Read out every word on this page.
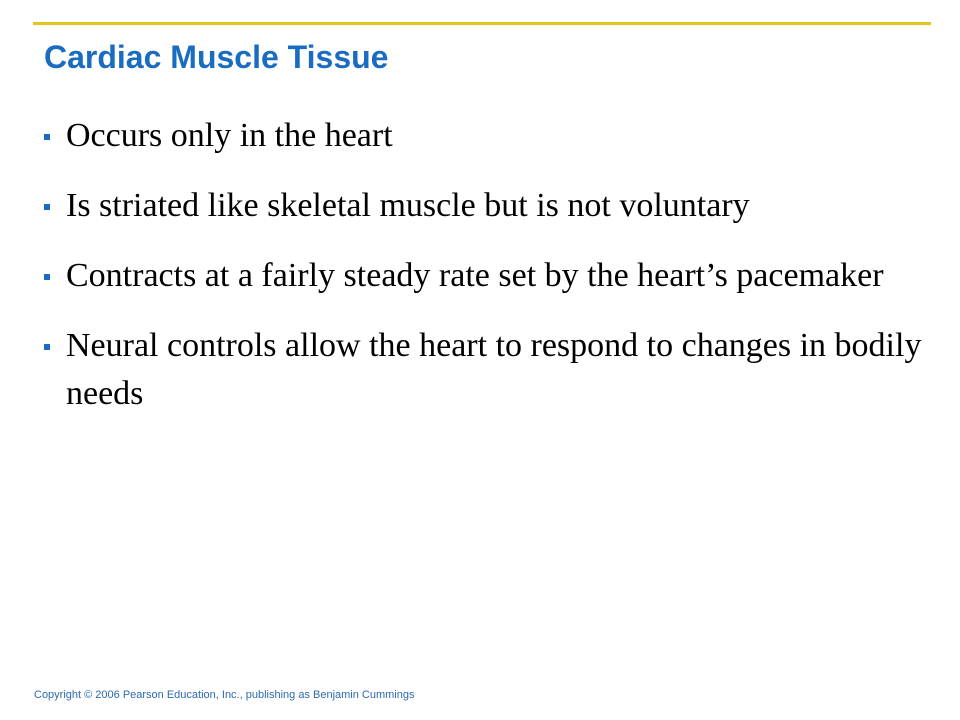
Cardiac Muscle Tissue
Occurs only in the heart
Is striated like skeletal muscle but is not voluntary
Contracts at a fairly steady rate set by the heart’s pacemaker
Neural controls allow the heart to respond to changes in bodily needs
Copyright © 2006 Pearson Education, Inc., publishing as Benjamin Cummings
